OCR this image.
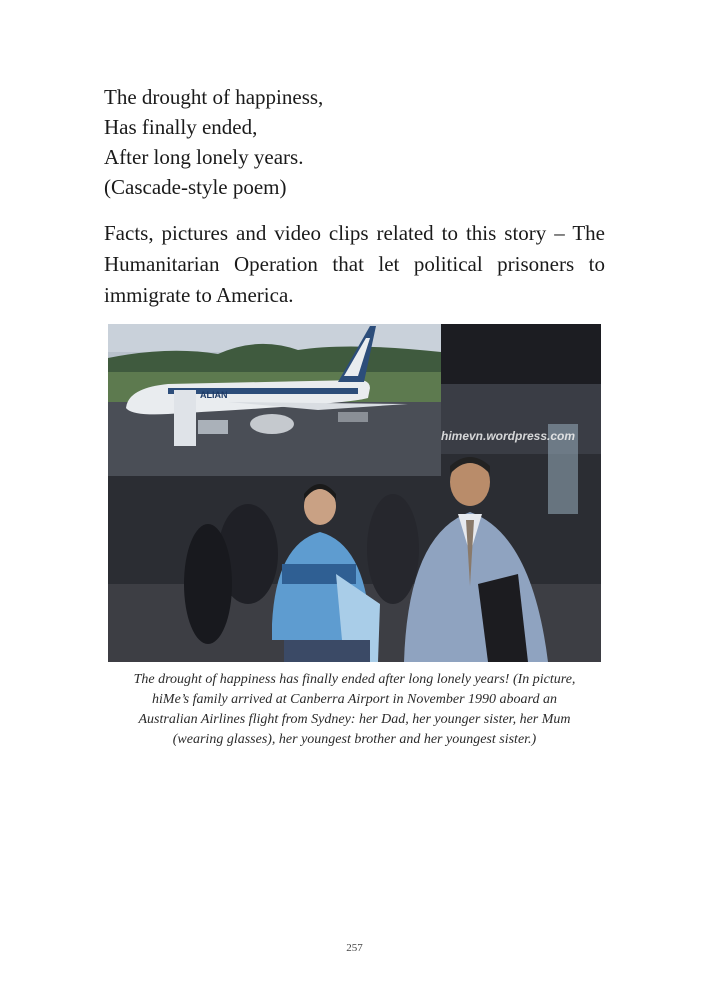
The drought of happiness,
Has finally ended,
After long lonely years.
(Cascade-style poem)
Facts, pictures and video clips related to this story – The Humanitarian Operation that let political prisoners to immigrate to America.
ALIAN
himevn.wordpress.com
The drought of happiness has finally ended after long lonely years! (In picture,
hiMe’s family arrived at Canberra Airport in November 1990 aboard an
Australian Airlines flight from Sydney: her Dad, her younger sister, her Mum
(wearing glasses), her youngest brother and her youngest sister.)
257
